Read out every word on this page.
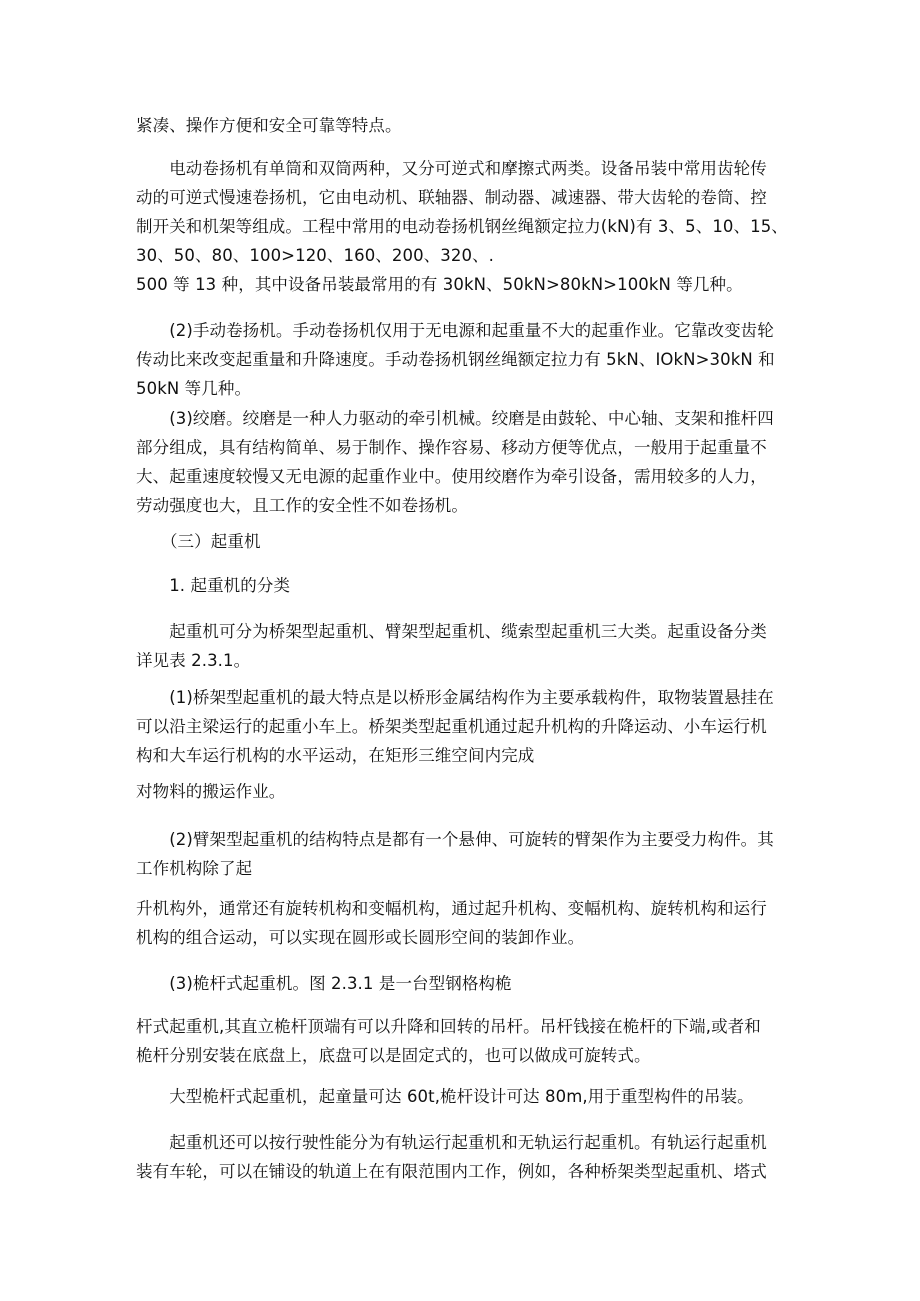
紧凑、操作方便和安全可靠等特点。
　　电动卷扬机有单筒和双筒两种，又分可逆式和摩擦式两类。设备吊装中常用齿轮传
动的可逆式慢速卷扬机，它由电动机、联轴器、制动器、减速器、带大齿轮的卷筒、控
制开关和机架等组成。工程中常用的电动卷扬机钢丝绳额定拉力(kN)有 3、5、10、15、
30、50、80、100>120、160、200、320、.
500 等 13 种，其中设备吊装最常用的有 30kN、50kN>80kN>100kN 等几种。
　　(2)手动卷扬机。手动卷扬机仅用于无电源和起重量不大的起重作业。它靠改变齿轮
传动比来改变起重量和升降速度。手动卷扬机钢丝绳额定拉力有 5kN、IOkN>30kN 和
50kN 等几种。
　　(3)绞磨。绞磨是一种人力驱动的牵引机械。绞磨是由鼓轮、中心轴、支架和推杆四
部分组成，具有结构简单、易于制作、操作容易、移动方便等优点，一般用于起重量不
大、起重速度较慢又无电源的起重作业中。使用绞磨作为牵引设备，需用较多的人力，
劳动强度也大，且工作的安全性不如卷扬机。
　　（三）起重机
　　1. 起重机的分类
　　起重机可分为桥架型起重机、臂架型起重机、缆索型起重机三大类。起重设备分类
详见表 2.3.1。
　　(1)桥架型起重机的最大特点是以桥形金属结构作为主要承载构件，取物装置悬挂在
可以沿主梁运行的起重小车上。桥架类型起重机通过起升机构的升降运动、小车运行机
构和大车运行机构的水平运动，在矩形三维空间内完成
对物料的搬运作业。
　　(2)臂架型起重机的结构特点是都有一个悬伸、可旋转的臂架作为主要受力构件。其
工作机构除了起
升机构外，通常还有旋转机构和变幅机构，通过起升机构、变幅机构、旋转机构和运行
机构的组合运动，可以实现在圆形或长圆形空间的装卸作业。
　　(3)桅杆式起重机。图 2.3.1 是一台型钢格构桅
杆式起重机,其直立桅杆顶端有可以升降和回转的吊杆。吊杆钱接在桅杆的下端,或者和
桅杆分别安装在底盘上，底盘可以是固定式的，也可以做成可旋转式。
　　大型桅杆式起重机，起童量可达 60t,桅杆设计可达 80m,用于重型构件的吊装。
　　起重机还可以按行驶性能分为有轨运行起重机和无轨运行起重机。有轨运行起重机
装有车轮，可以在铺设的轨道上在有限范围内工作，例如，各种桥架类型起重机、塔式
